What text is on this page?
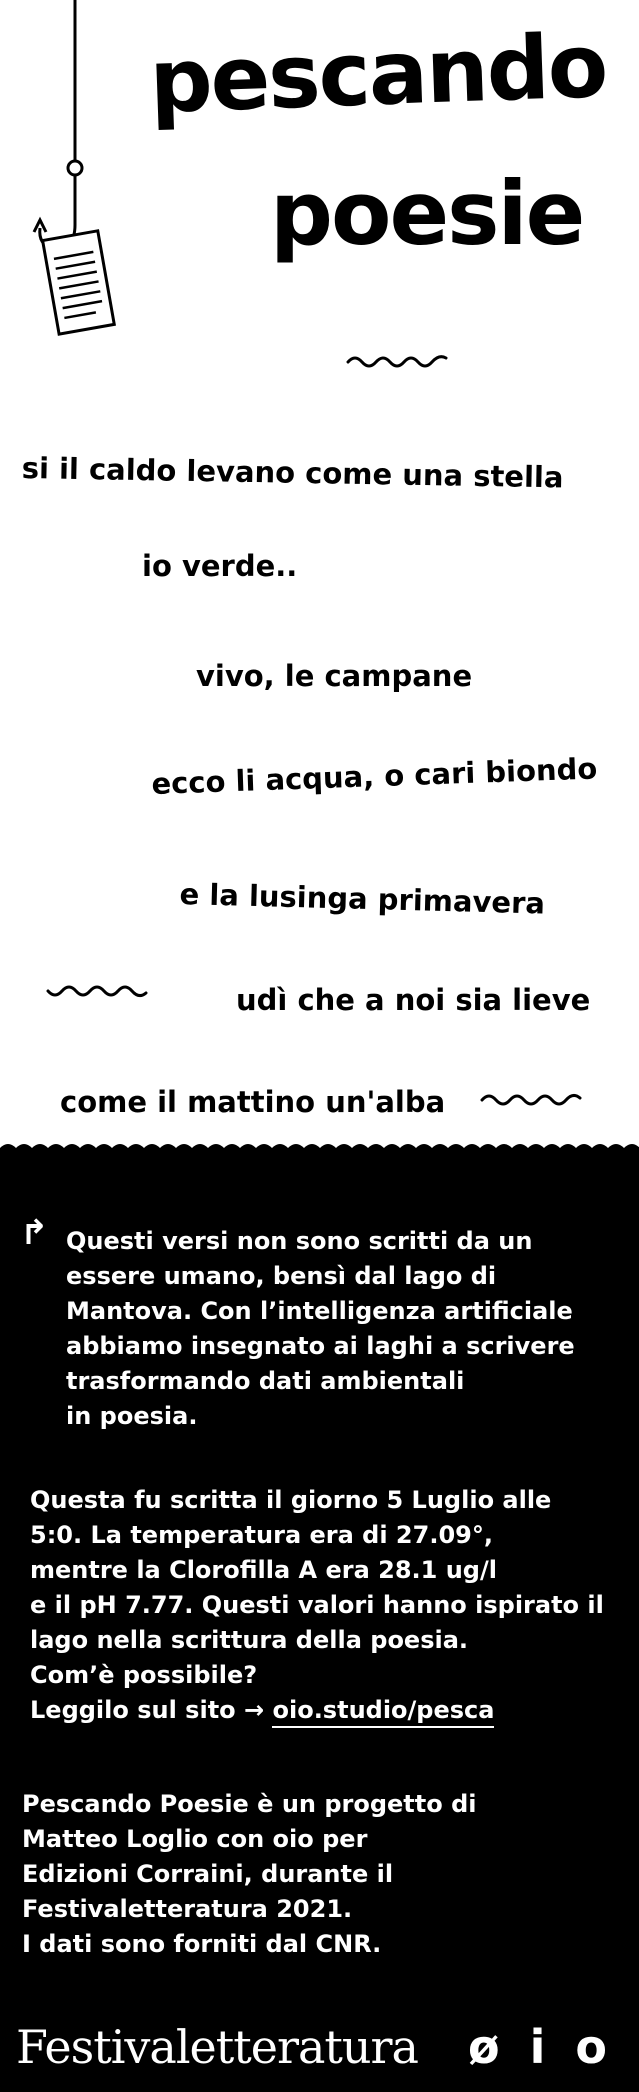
pescando
poesie
si il caldo levano come una stella
io verde..
vivo, le campane
ecco li acqua, o cari biondo
e la lusinga primavera
udì che a noi sia lieve
come il mattino un'alba
↰ Questi versi non sono scritti da un
essere umano, bensì dal lago di
Mantova. Con l’intelligenza artificiale
abbiamo insegnato ai laghi a scrivere
trasformando dati ambientali
in poesia.
Questa fu scritta il giorno 5 Luglio alle
5:0. La temperatura era di 27.09°,
mentre la Clorofilla A era 28.1 ug/l
e il pH 7.77. Questi valori hanno ispirato il
lago nella scrittura della poesia.
Com’è possibile?
Leggilo sul sito → oio.studio/pesca
Pescando Poesie è un progetto di
Matteo Loglio con oio per
Edizioni Corraini, durante il
Festivaletteratura 2021.
I dati sono forniti dal CNR.
Festivaletteratura ø i o
